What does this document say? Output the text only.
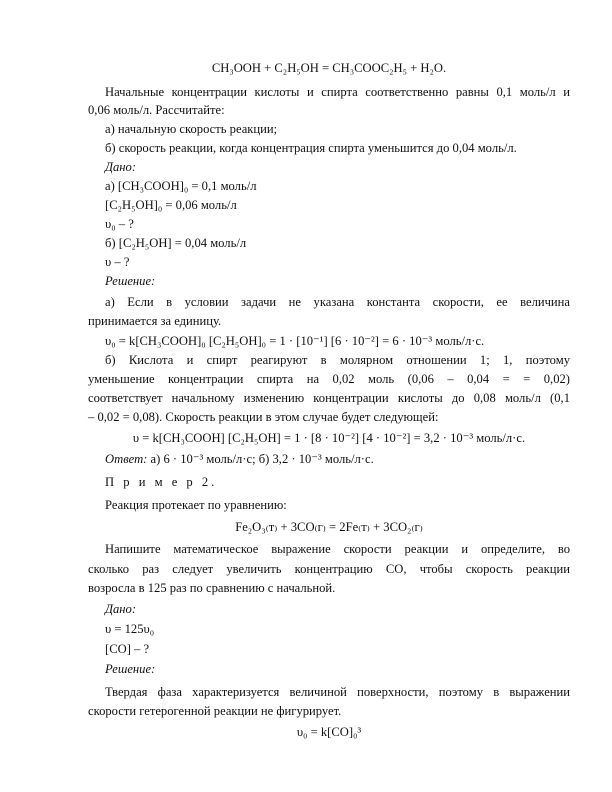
CH₃OOH + C₂H₅OH = CH₃COOC₂H₅ + H₂O.
Начальные концентрации кислоты и спирта соответственно равны 0,1 моль/л и
0,06 моль/л. Рассчитайте:
а) начальную скорость реакции;
б) скорость реакции, когда концентрация спирта уменьшится до 0,04 моль/л.
Дано:
а) [CH₃COOH]₀ = 0,1 моль/л
[C₂H₅OH]₀ = 0,06 моль/л
υ₀ – ?
б) [C₂H₅OH] = 0,04 моль/л
υ – ?
Решение:
а) Если в условии задачи не указана константа скорости, ее величина
принимается за единицу.
υ₀ = k[CH₃COOH]₀ [C₂H₅OH]₀ = 1 · [10⁻¹] [6 · 10⁻²] = 6 · 10⁻³ моль/л·с.
б) Кислота и спирт реагируют в молярном отношении 1; 1, поэтому
уменьшение концентрации спирта на 0,02 моль (0,06 – 0,04 = = 0,02)
соответствует начальному изменению концентрации кислоты до 0,08 моль/л (0,1
– 0,02 = 0,08). Скорость реакции в этом случае будет следующей:
υ = k[CH₃COOH] [C₂H₅OH] = 1 · [8 · 10⁻²] [4 · 10⁻²] = 3,2 · 10⁻³ моль/л·с.
Ответ: а) 6 · 10⁻³ моль/л·с; б) 3,2 · 10⁻³ моль/л·с.
П р и м е р 2.
Реакция протекает по уравнению:
Fe₂O₃₍т₎ + 3CO₍г₎ = 2Fe₍т₎ + 3CO₂₍г₎
Напишите математическое выражение скорости реакции и определите, во
сколько раз следует увеличить концентрацию CO, чтобы скорость реакции
возросла в 125 раз по сравнению с начальной.
Дано:
υ = 125υ₀
[CO] – ?
Решение:
Твердая фаза характеризуется величиной поверхности, поэтому в выражении
скорости гетерогенной реакции не фигурирует.
υ₀ = k[CO]₀³
